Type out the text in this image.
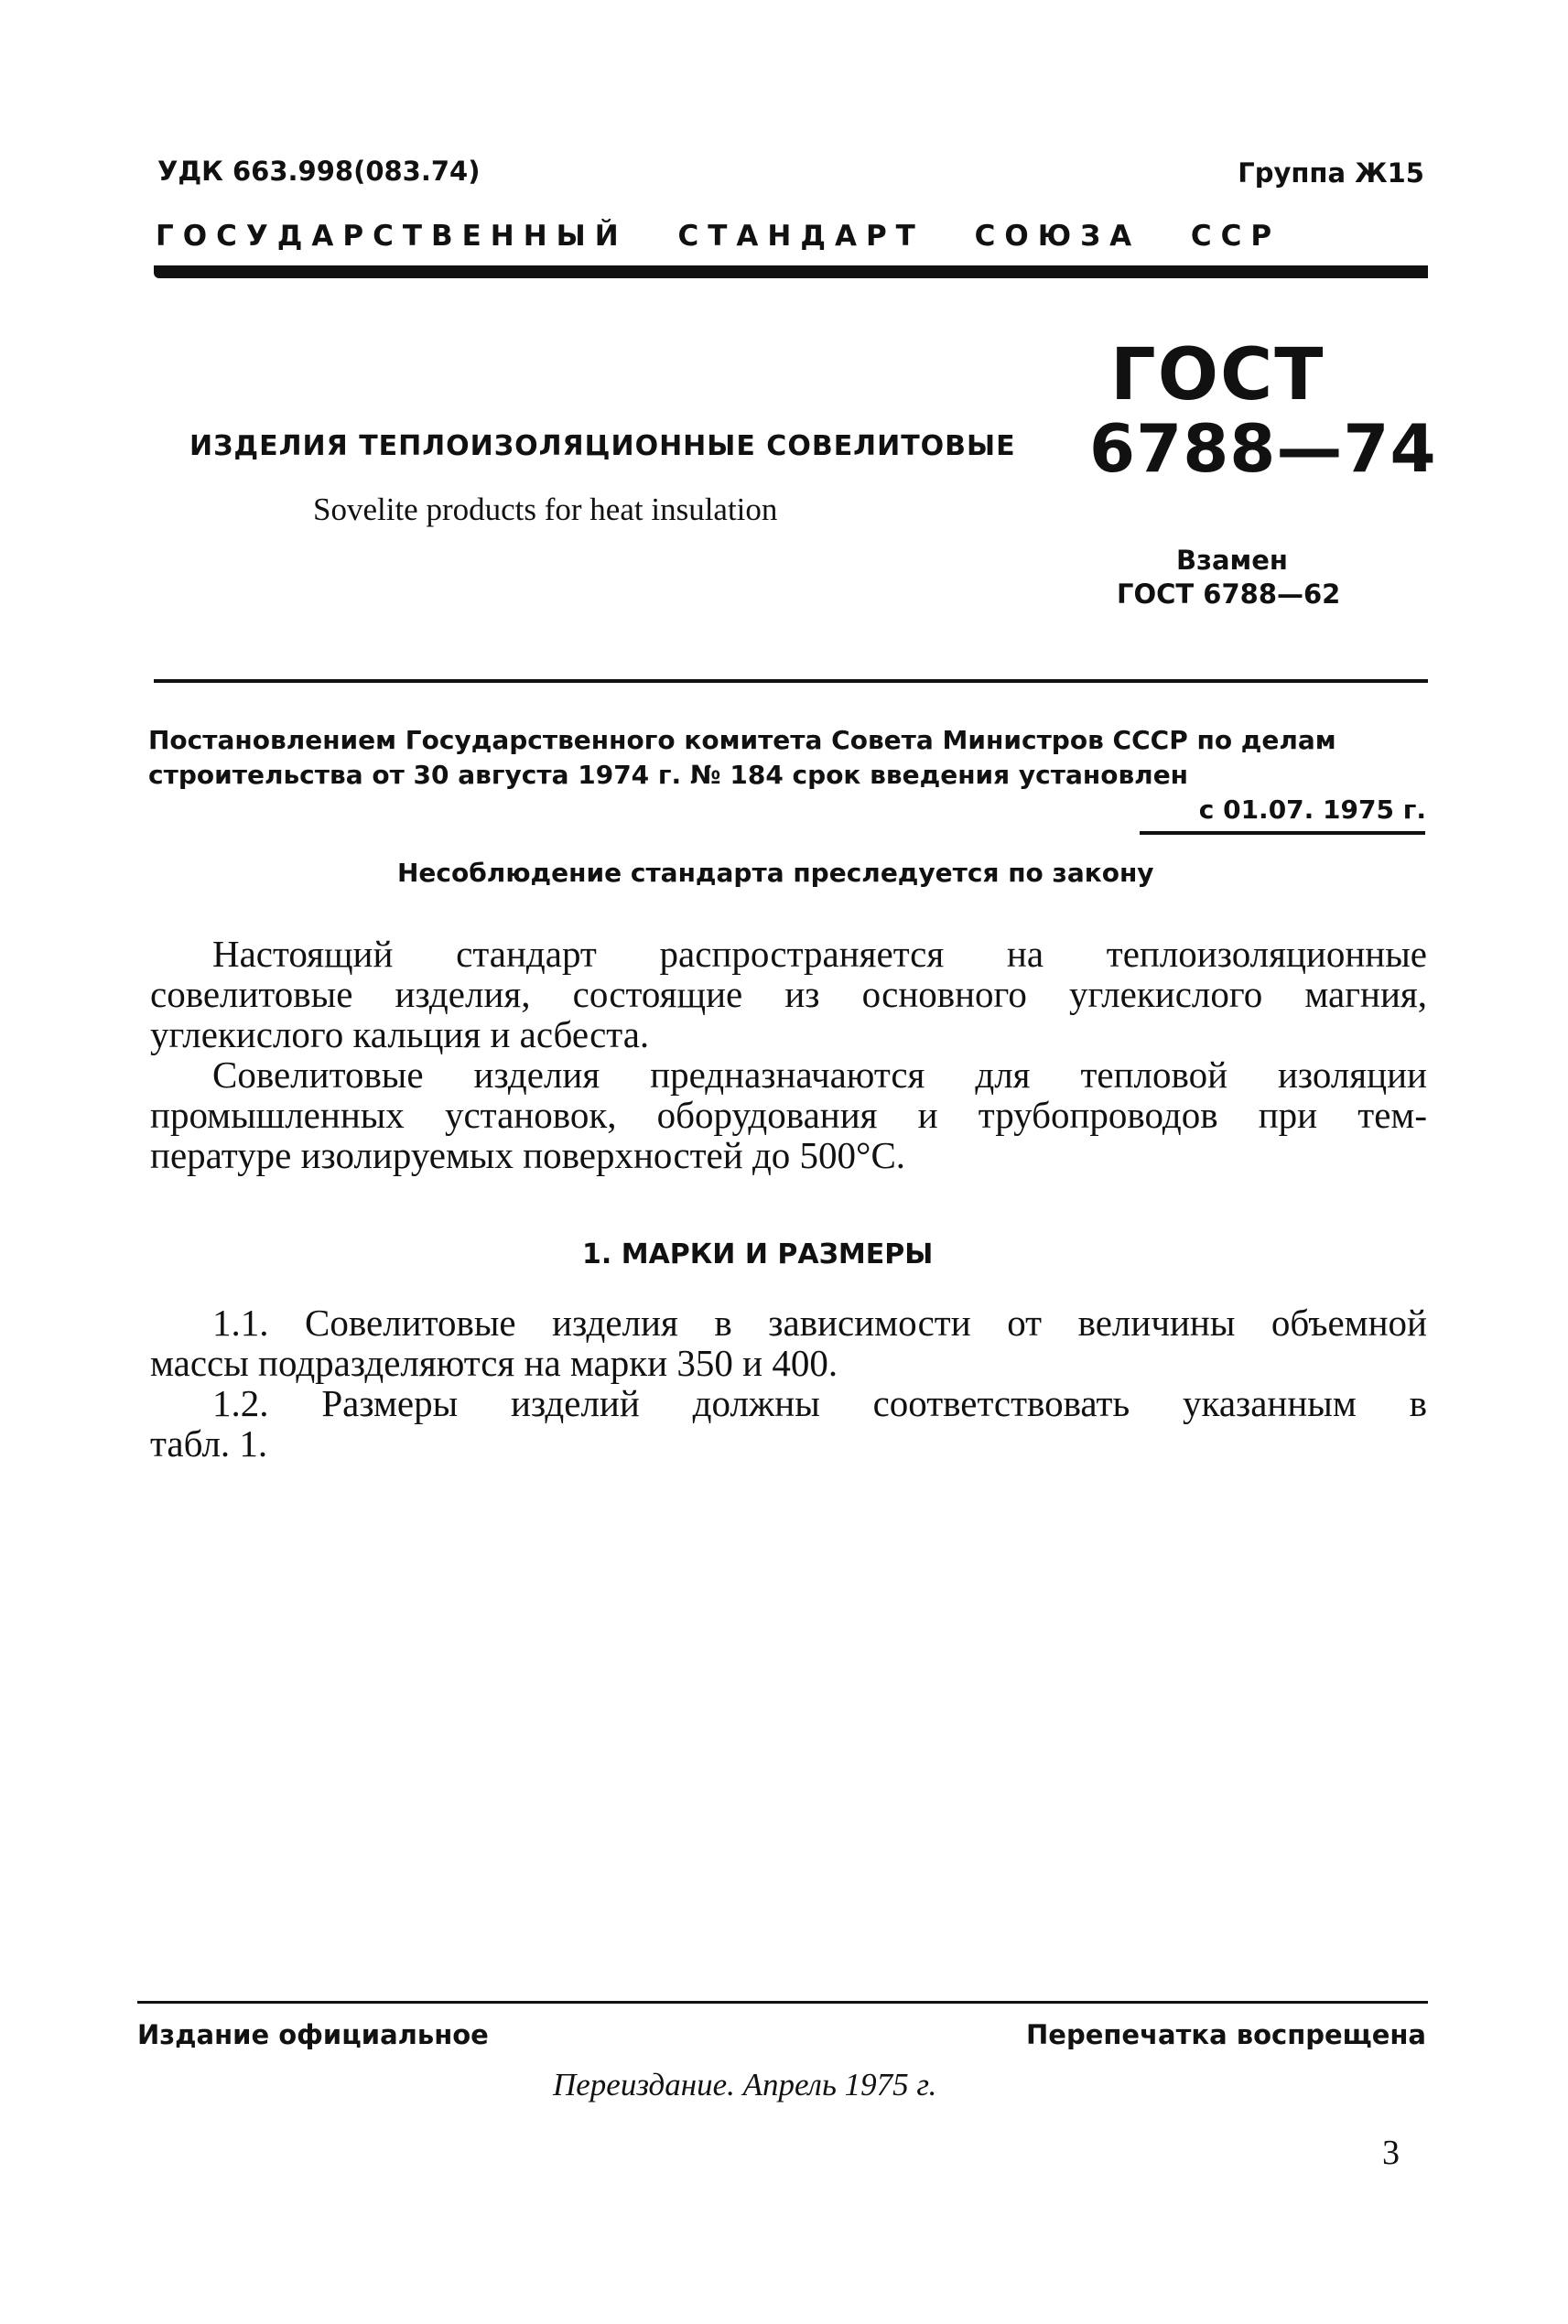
УДК 663.998(083.74)	Группа Ж15
ГОСУДАРСТВЕННЫЙ СТАНДАРТ СОЮЗА ССР
ИЗДЕЛИЯ ТЕПЛОИЗОЛЯЦИОННЫЕ СОВЕЛИТОВЫЕ
Sovelite products for heat insulation
ГОСТ
6788—74
Взамен
ГОСТ 6788—62
Постановлением Государственного комитета Совета Министров СССР по делам
строительства от 30 августа 1974 г. № 184 срок введения установлен
с 01.07. 1975 г.
Несоблюдение стандарта преследуется по закону
Настоящий стандарт распространяется на теплоизоляционные
совелитовые изделия, состоящие из основного углекислого магния,
углекислого кальция и асбеста.
Совелитовые изделия предназначаются для тепловой изоляции
промышленных установок, оборудования и трубопроводов при тем-
пературе изолируемых поверхностей до 500°С.
1. МАРКИ И РАЗМЕРЫ
1.1. Совелитовые изделия в зависимости от величины объемной
массы подразделяются на марки 350 и 400.
1.2. Размеры изделий должны соответствовать указанным в
табл. 1.
Издание официальное	Перепечатка воспрещена
Переиздание. Апрель 1975 г.
3
